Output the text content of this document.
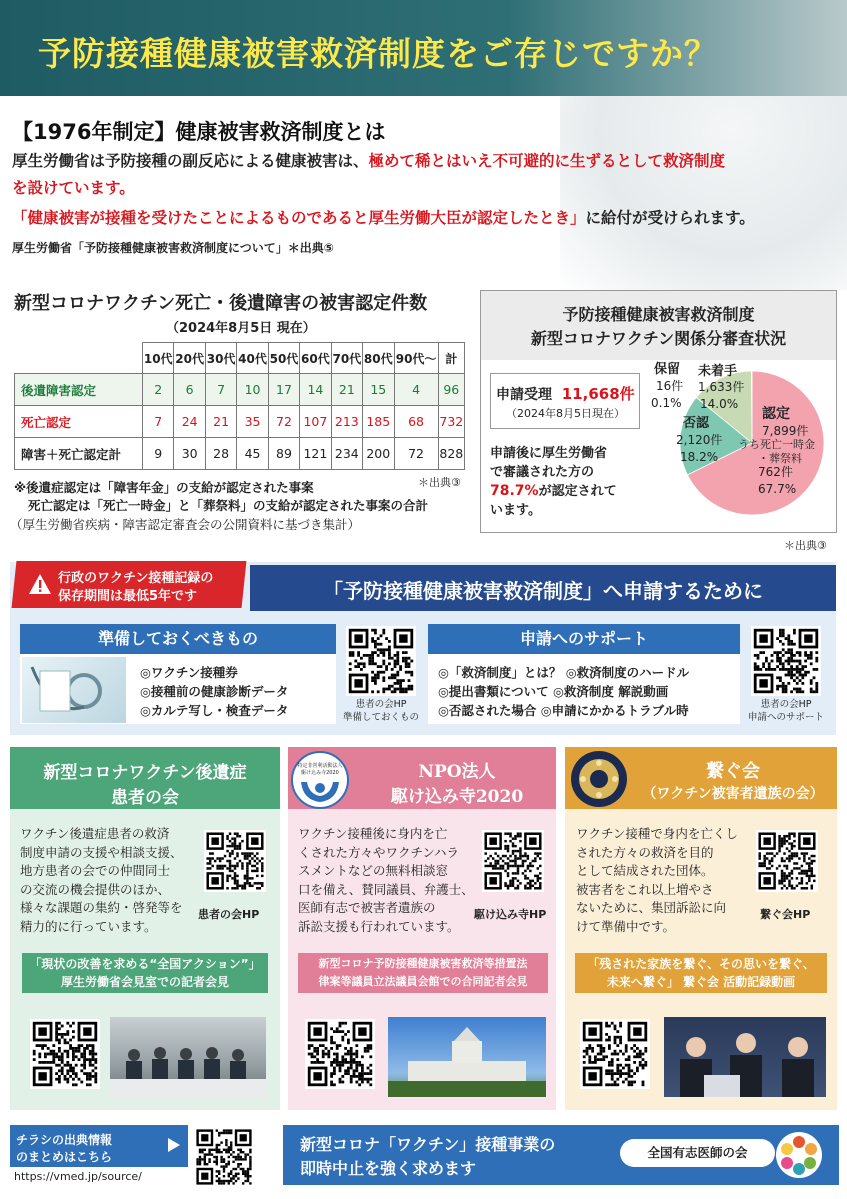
予防接種健康被害救済制度をご存じですか？
【1976年制定】健康被害救済制度とは
厚生労働省は予防接種の副反応による健康被害は、極めて稀とはいえ不可避的に生ずるとして救済制度
を設けています。
「健康被害が接種を受けたことによるものであると厚生労働大臣が認定したとき」に給付が受けられます。
厚生労働省「予防接種健康被害救済制度について」＊出典⑤
新型コロナワクチン死亡・後遺障害の被害認定件数
（2024年8月5日 現在）
	10代	20代	30代	40代	50代	60代	70代	80代	90代〜	計
後遺障害認定	2	6	7	10	17	14	21	15	4	96
死亡認定	7	24	21	35	72	107	213	185	68	732
障害＋死亡認定計	9	30	28	45	89	121	234	200	72	828
＊出典③
※後遺症認定は「障害年金」の支給が認定された事案
死亡認定は「死亡一時金」と「葬祭料」の支給が認定された事案の合計
（厚生労働省疾病・障害認定審査会の公開資料に基づき集計）
予防接種健康被害救済制度
新型コロナワクチン関係分審査状況
申請受理 11,668件
（2024年8月5日現在）
申請後に厚生労働省
で審議された方の
78.7%が認定されて
います。
保留
16件
0.1%
未着手
1,633件
14.0%
否認
2,120件
18.2%
認定
7,899件
うち死亡一時金
・葬祭料
762件
67.7%
＊出典③
「予防接種健康被害救済制度」へ申請するために
行政のワクチン接種記録の
保存期間は最低5年です
準備しておくべきもの
◎ワクチン接種券
◎接種前の健康診断データ
◎カルテ写し・検査データ	患者の会HP
準備しておくもの
申請へのサポート
◎「救済制度」とは？ ◎救済制度のハードル
◎提出書類について ◎救済制度 解説動画
◎否認された場合 ◎申請にかかるトラブル時	患者の会HP
申請へのサポート
新型コロナワクチン後遺症
患者の会
ワクチン後遺症患者の救済
制度申請の支援や相談支援、
地方患者の会での仲間同士
の交流の機会提供のほか、
様々な課題の集約・啓発等を
精力的に行っています。
患者の会HP
「現状の改善を求める“全国アクション”」
厚生労働省会見室での記者会見
NPO法人
駆け込み寺2020
特定非営利活動法人
駆け込み寺2020
ワクチン接種後に身内を亡
くされた方々やワクチンハラ
スメントなどの無料相談窓
口を備え、賛同議員、弁護士、
医師有志で被害者遺族の
訴訟支援も行われています。
駆け込み寺HP
新型コロナ予防接種健康被害救済等措置法
律案等議員立法議員会館での合同記者会見
繋ぐ会
（ワクチン被害者遺族の会）
ワクチン接種で身内を亡くし
された方々の救済を目的
として結成された団体。
被害者をこれ以上増やさ
ないために、集団訴訟に向
けて準備中です。
繋ぐ会HP
「残された家族を繋ぐ、その思いを繋ぐ、
未来へ繋ぐ」 繋ぐ会 活動記録動画
チラシの出典情報
のまとめはこちら
https://vmed.jp/source/
新型コロナ「ワクチン」接種事業の
即時中止を強く求めます
全国有志医師の会
